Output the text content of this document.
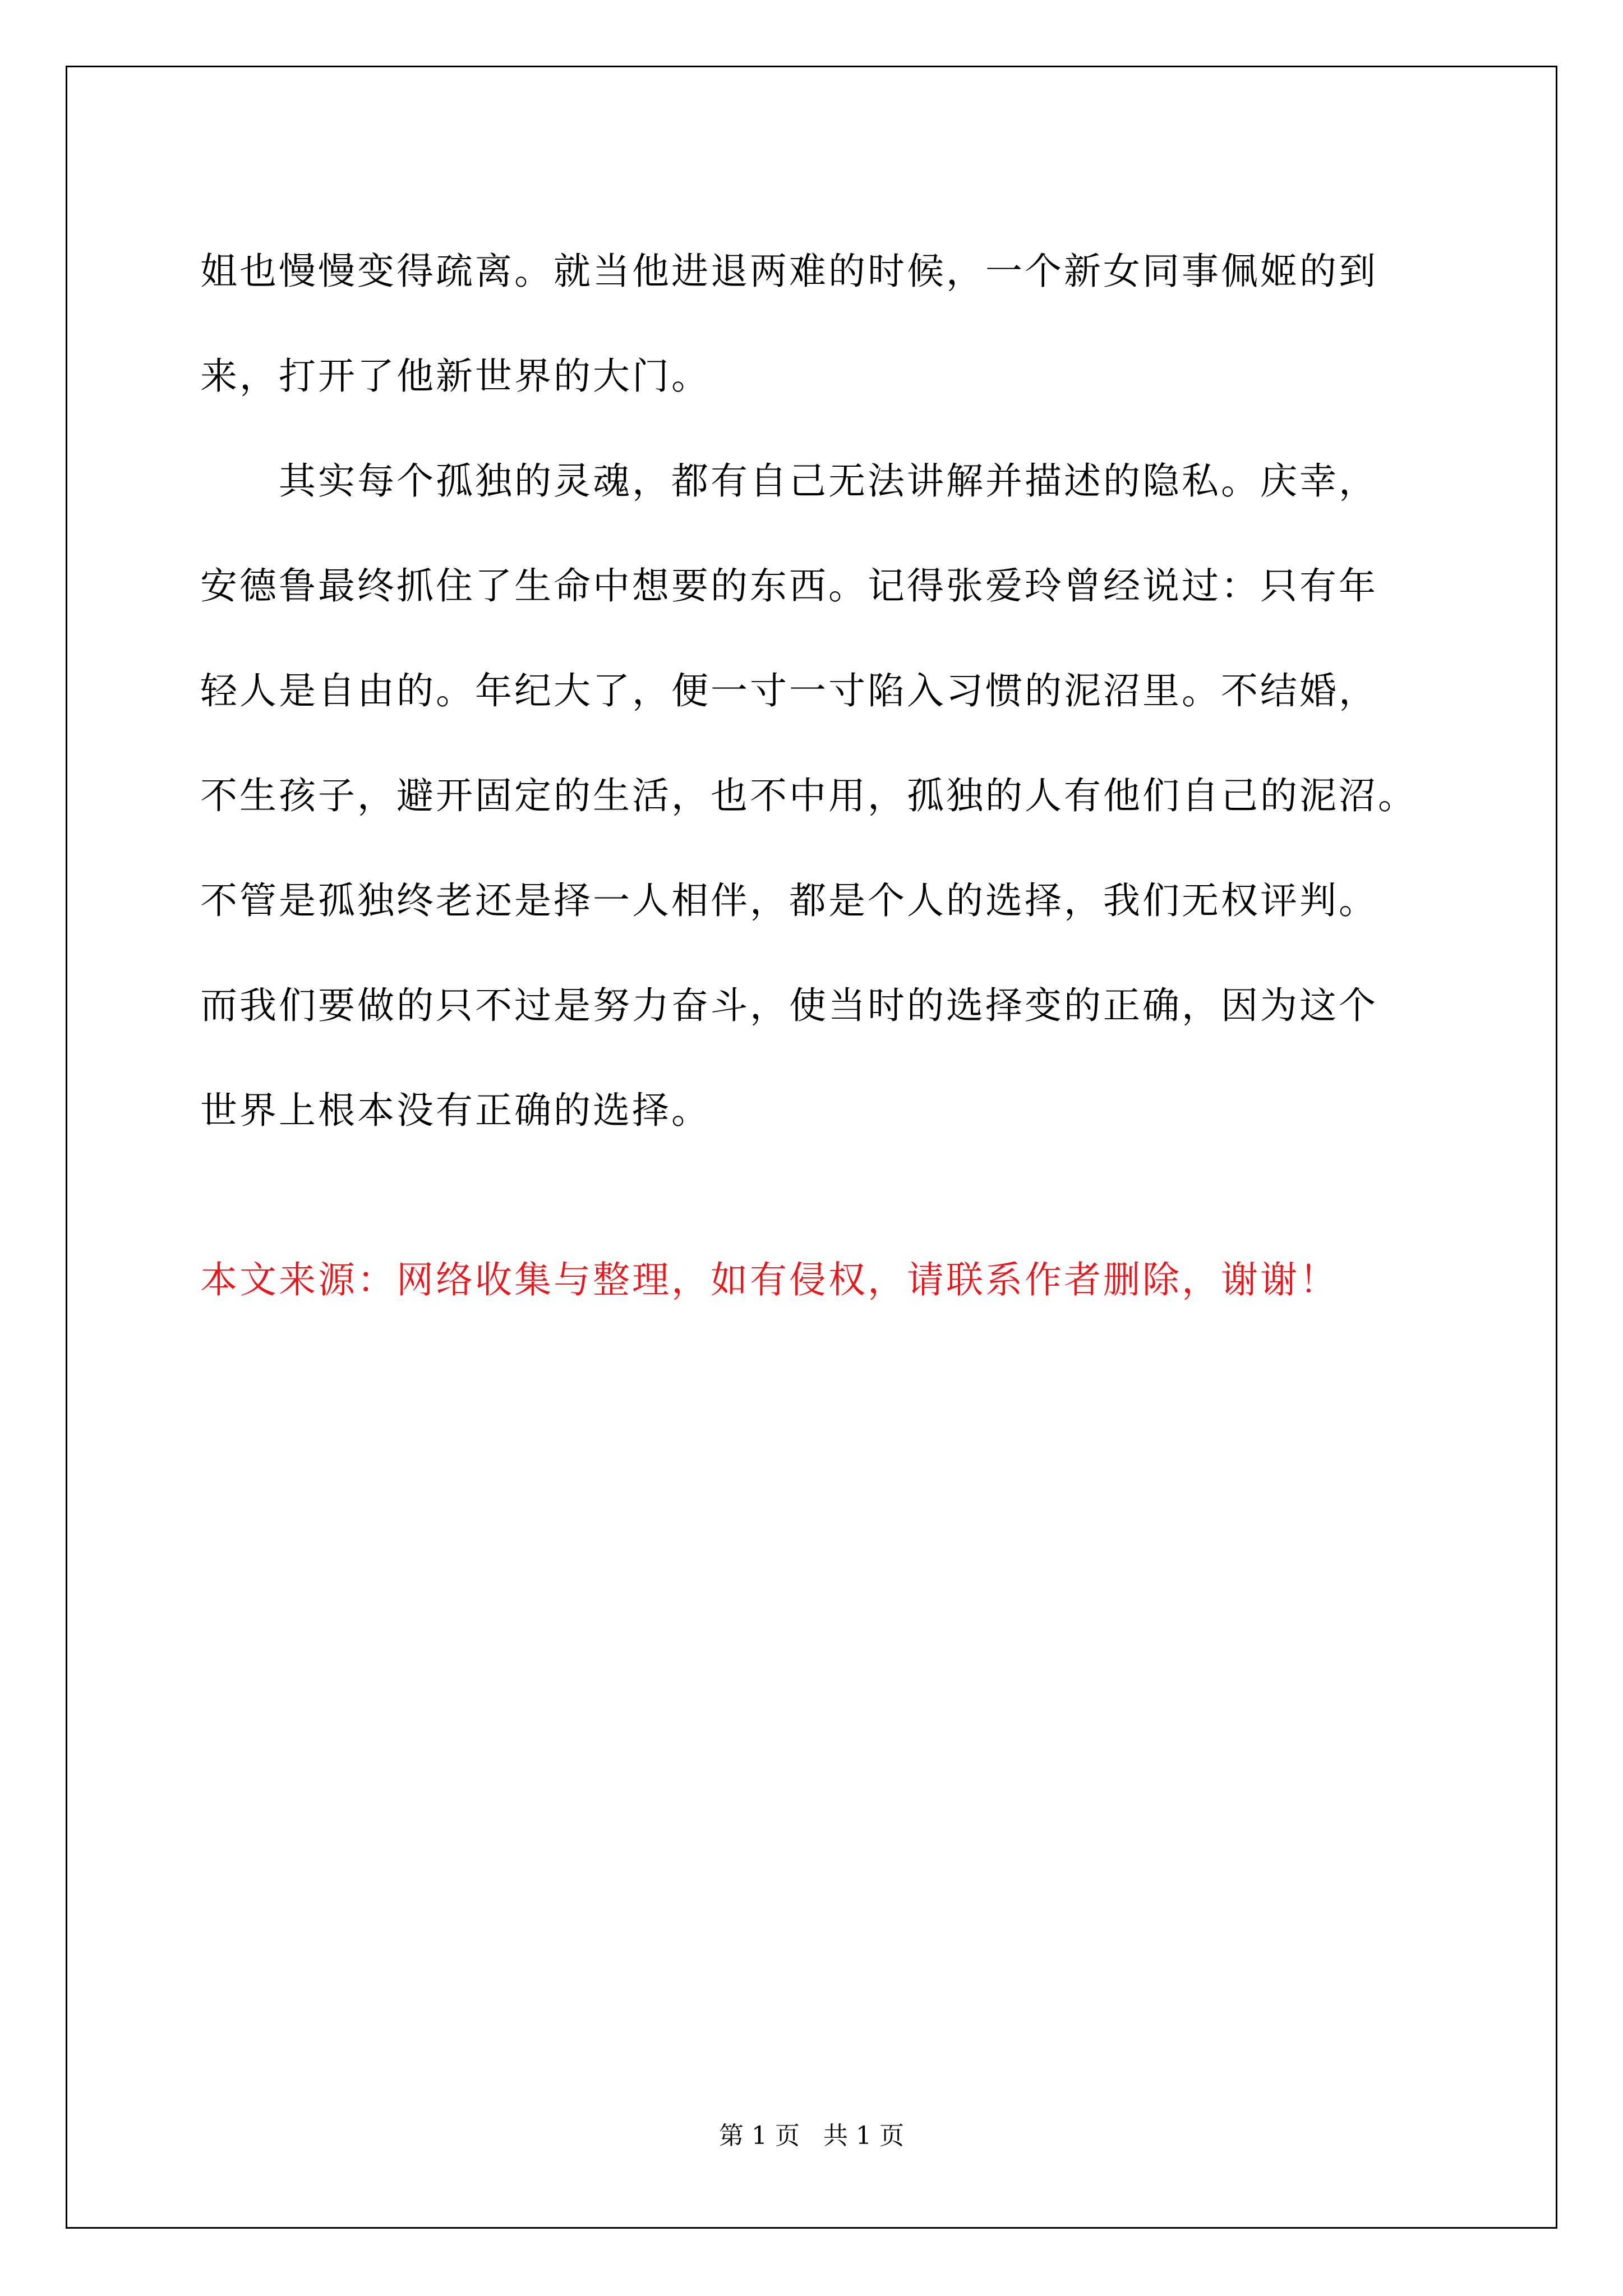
姐也慢慢变得疏离。就当他进退两难的时候，一个新女同事佩姬的到
来，打开了他新世界的大门。
其实每个孤独的灵魂，都有自己无法讲解并描述的隐私。庆幸，
安德鲁最终抓住了生命中想要的东西。记得张爱玲曾经说过：只有年
轻人是自由的。年纪大了，便一寸一寸陷入习惯的泥沼里。不结婚，
不生孩子，避开固定的生活，也不中用，孤独的人有他们自己的泥沼。
不管是孤独终老还是择一人相伴，都是个人的选择，我们无权评判。
而我们要做的只不过是努力奋斗，使当时的选择变的正确，因为这个
世界上根本没有正确的选择。
本文来源：网络收集与整理，如有侵权，请联系作者删除，谢谢！
第 1 页   共 1 页
